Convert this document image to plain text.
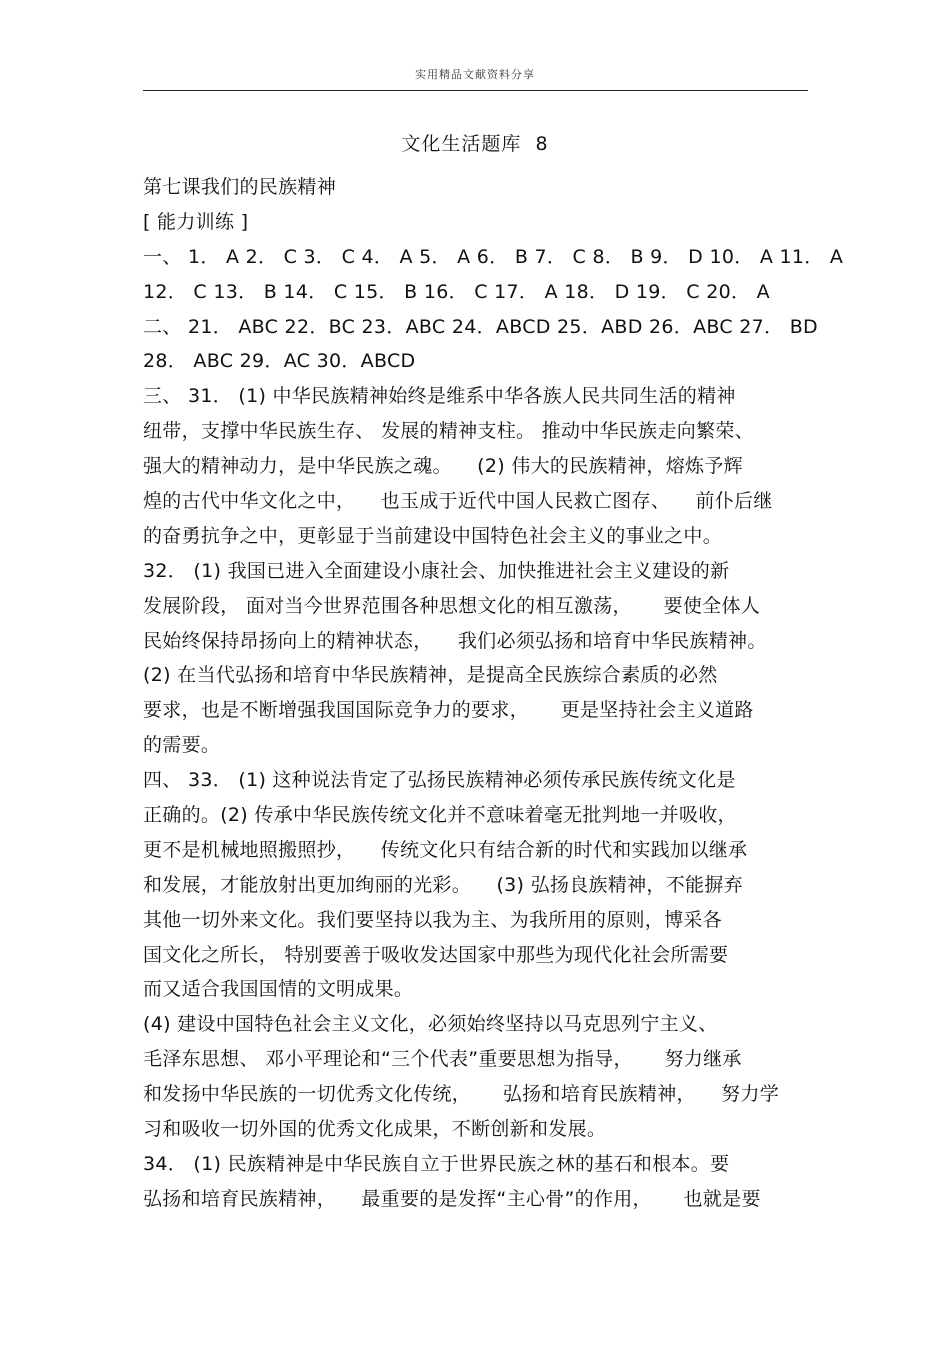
实用精品文献资料分享
文化生活题库  8
第七课我们的民族精神
[ 能力训练 ]
一、 1． A 2． C 3． C 4． A 5． A 6． B 7． C 8． B 9． D 10． A 11． A
12． C 13． B 14． C 15． B 16． C 17． A 18． D 19． C 20． A
二、 21． ABC 22．BC 23．ABC 24．ABCD 25．ABD 26．ABC 27． BD
28． ABC 29．AC 30．ABCD
三、 31． (1) 中华民族精神始终是维系中华各族人民共同生活的精神
纽带，支撑中华民族生存、 发展的精神支柱。 推动中华民族走向繁荣、
强大的精神动力，是中华民族之魂。    (2) 伟大的民族精神，熔炼予辉
煌的古代中华文化之中，    也玉成于近代中国人民救亡图存、    前仆后继
的奋勇抗争之中，更彰显于当前建设中国特色社会主义的事业之中。
32． (1) 我国已进入全面建设小康社会、加快推进社会主义建设的新
发展阶段， 面对当今世界范围各种思想文化的相互激荡，     要使全体人
民始终保持昂扬向上的精神状态，    我们必须弘扬和培育中华民族精神。
(2) 在当代弘扬和培育中华民族精神，是提高全民族综合素质的必然
要求，也是不断增强我国国际竞争力的要求，     更是坚持社会主义道路
的需要。
四、 33． (1) 这种说法肯定了弘扬民族精神必须传承民族传统文化是
正确的。(2) 传承中华民族传统文化并不意味着毫无批判地一并吸收，
更不是机械地照搬照抄，    传统文化只有结合新的时代和实践加以继承
和发展，才能放射出更加绚丽的光彩。    (3) 弘扬良族精神，不能摒弃
其他一切外来文化。我们要坚持以我为主、为我所用的原则，博采各
国文化之所长， 特别要善于吸收发达国家中那些为现代化社会所需要
而又适合我国国情的文明成果。
(4) 建设中国特色社会主义文化，必须始终坚持以马克思列宁主义、
毛泽东思想、 邓小平理论和“三个代表”重要思想为指导，     努力继承
和发扬中华民族的一切优秀文化传统，     弘扬和培育民族精神，    努力学
习和吸收一切外国的优秀文化成果，不断创新和发展。
34． (1) 民族精神是中华民族自立于世界民族之林的基石和根本。要
弘扬和培育民族精神，    最重要的是发挥“主心骨”的作用，     也就是要
